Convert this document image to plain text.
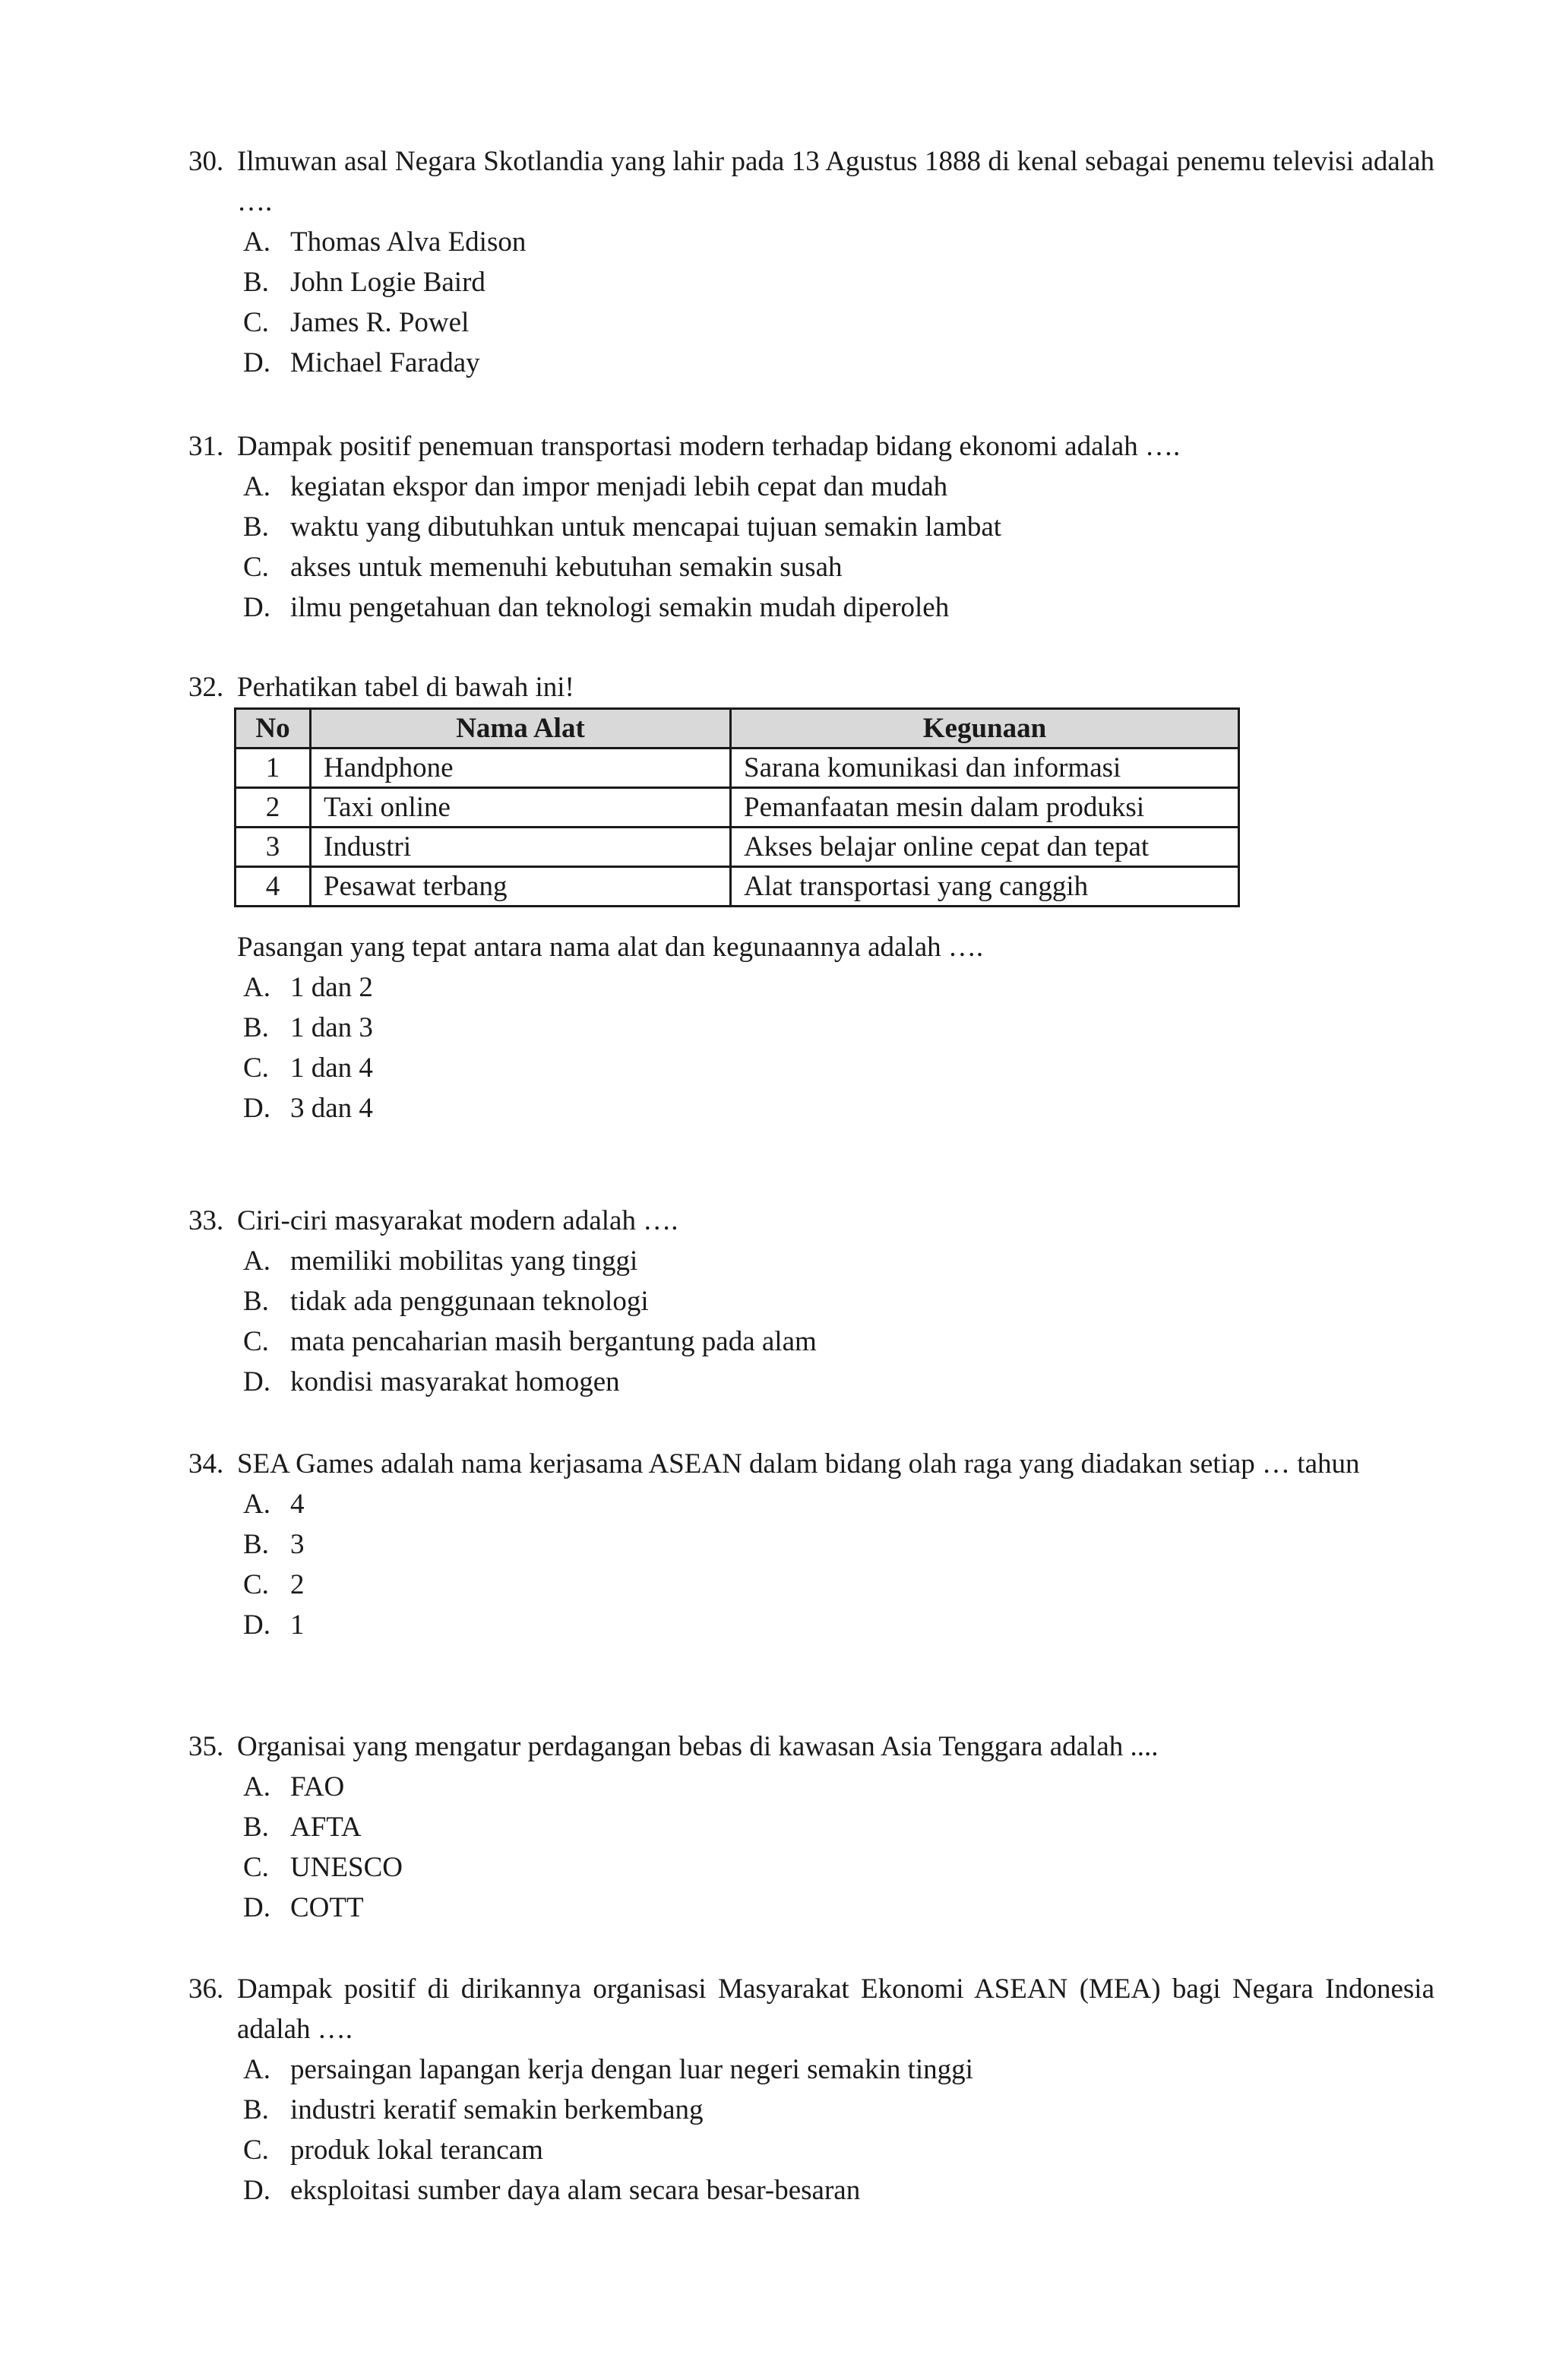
30. Ilmuwan asal Negara Skotlandia yang lahir pada 13 Agustus 1888 di kenal sebagai penemu televisi adalah ….
A. Thomas Alva Edison
B. John Logie Baird
C. James R. Powel
D. Michael Faraday
31. Dampak positif penemuan transportasi modern terhadap bidang ekonomi adalah ….
A. kegiatan ekspor dan impor menjadi lebih cepat dan mudah
B. waktu yang dibutuhkan untuk mencapai tujuan semakin lambat
C. akses untuk memenuhi kebutuhan semakin susah
D. ilmu pengetahuan dan teknologi semakin mudah diperoleh
32. Perhatikan tabel di bawah ini!
No	Nama Alat	Kegunaan
1	Handphone	Sarana komunikasi dan informasi
2	Taxi online	Pemanfaatan mesin dalam produksi
3	Industri	Akses belajar online cepat dan tepat
4	Pesawat terbang	Alat transportasi yang canggih
Pasangan yang tepat antara nama alat dan kegunaannya adalah ….
A. 1 dan 2
B. 1 dan 3
C. 1 dan 4
D. 3 dan 4
33. Ciri-ciri masyarakat modern adalah ….
A. memiliki mobilitas yang tinggi
B. tidak ada penggunaan teknologi
C. mata pencaharian masih bergantung pada alam
D. kondisi masyarakat homogen
34. SEA Games adalah nama kerjasama ASEAN dalam bidang olah raga yang diadakan setiap … tahun
A. 4
B. 3
C. 2
D. 1
35. Organisai yang mengatur perdagangan bebas di kawasan Asia Tenggara adalah ....
A. FAO
B. AFTA
C. UNESCO
D. COTT
36. Dampak positif di dirikannya organisasi Masyarakat Ekonomi ASEAN (MEA) bagi Negara Indonesia adalah ….
A. persaingan lapangan kerja dengan luar negeri semakin tinggi
B. industri keratif semakin berkembang
C. produk lokal terancam
D. eksploitasi sumber daya alam secara besar-besaran
